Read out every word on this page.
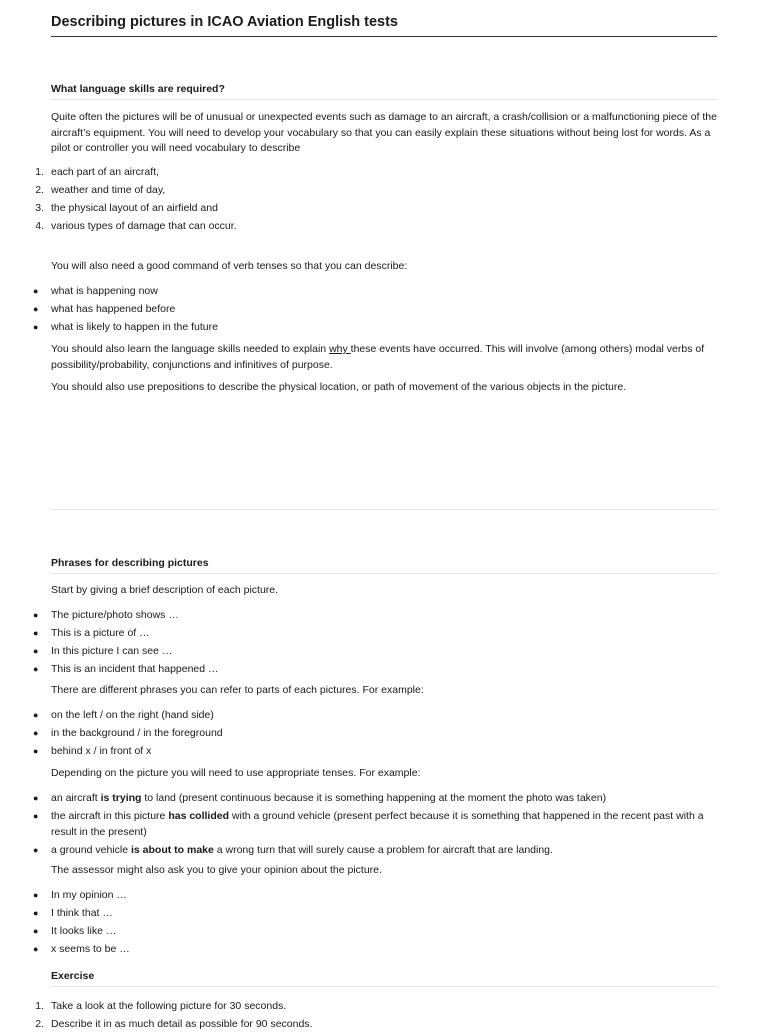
Describing pictures in ICAO Aviation English tests
What language skills are required?

Quite often the pictures will be of unusual or unexpected events such as damage to an aircraft, a crash/collision or a malfunctioning piece of the aircraft’s equipment. You will need to develop your vocabulary so that you can easily explain these situations without being lost for words. As a pilot or controller you will need vocabulary to describe

1. each part of an aircraft,
2. weather and time of day,
3. the physical layout of an airfield and
4. various types of damage that can occur.

You will also need a good command of verb tenses so that you can describe:

● what is happening now
● what has happened before
● what is likely to happen in the future

You should also learn the language skills needed to explain why these events have occurred. This will involve (among others) modal verbs of possibility/probability, conjunctions and infinitives of purpose.

You should also use prepositions to describe the physical location, or path of movement of the various objects in the picture.

Phrases for describing pictures

Start by giving a brief description of each picture.

● The picture/photo shows …
● This is a picture of …
● In this picture I can see …
● This is an incident that happened …

There are different phrases you can refer to parts of each pictures. For example:

● on the left / on the right (hand side)
● in the background / in the foreground
● behind x / in front of x

Depending on the picture you will need to use appropriate tenses. For example:

● an aircraft is trying to land (present continuous because it is something happening at the moment the photo was taken)
● the aircraft in this picture has collided with a ground vehicle (present perfect because it is something that happened in the recent past with a result in the present)
● a ground vehicle is about to make a wrong turn that will surely cause a problem for aircraft that are landing.

The assessor might also ask you to give your opinion about the picture.

● In my opinion …
● I think that …
● It looks like …
● x seems to be …
Exercise
1. Take a look at the following picture for 30 seconds.
2. Describe it in as much detail as possible for 90 seconds.
